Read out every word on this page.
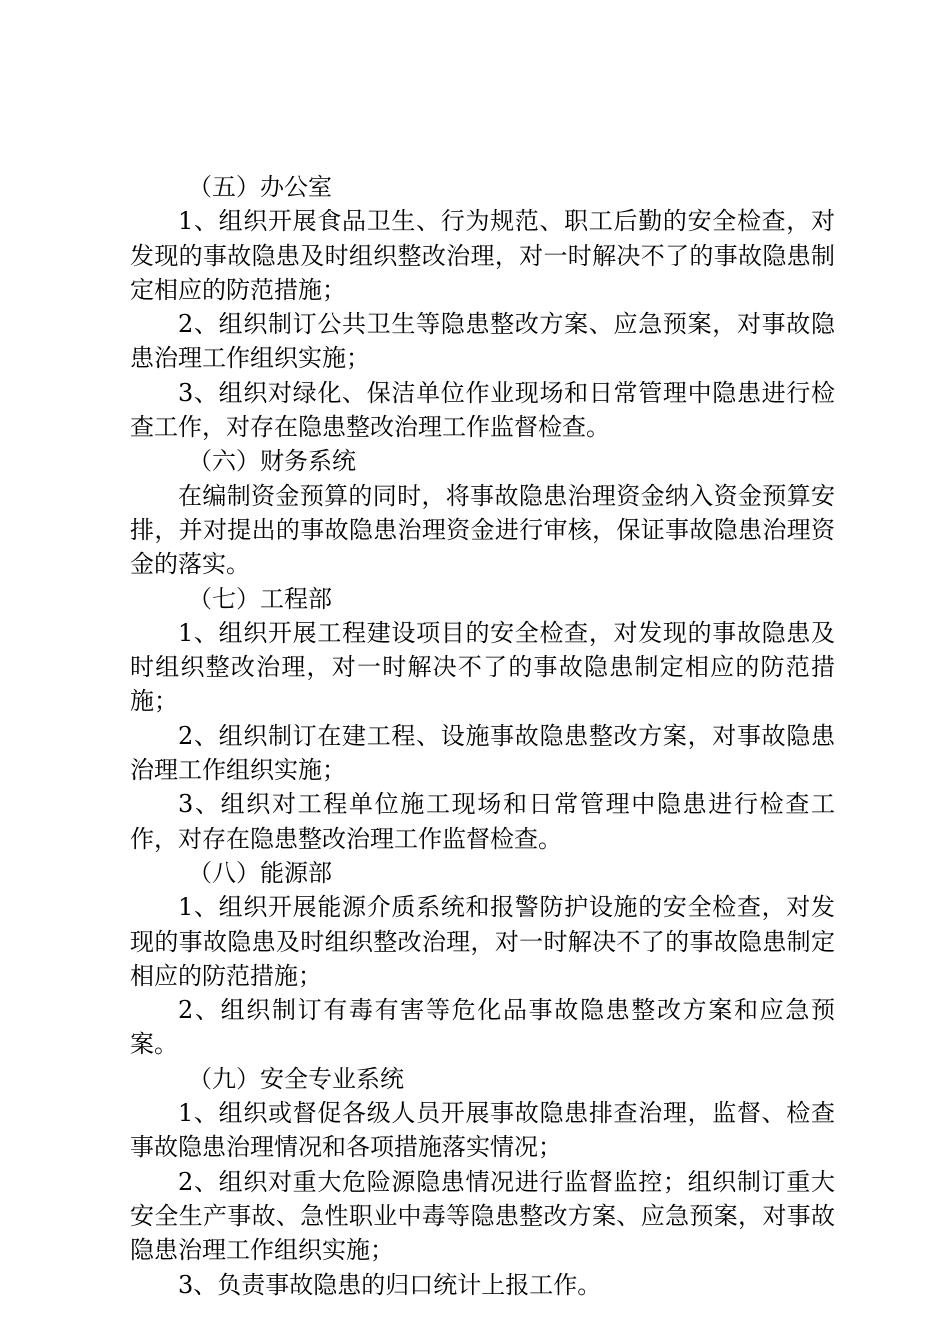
（五）办公室

1、组织开展食品卫生、行为规范、职工后勤的安全检查，对发现的事故隐患及时组织整改治理，对一时解决不了的事故隐患制定相应的防范措施；

2、组织制订公共卫生等隐患整改方案、应急预案，对事故隐患治理工作组织实施；

3、组织对绿化、保洁单位作业现场和日常管理中隐患进行检查工作，对存在隐患整改治理工作监督检查。

（六）财务系统

在编制资金预算的同时，将事故隐患治理资金纳入资金预算安排，并对提出的事故隐患治理资金进行审核，保证事故隐患治理资金的落实。

（七）工程部

1、组织开展工程建设项目的安全检查，对发现的事故隐患及时组织整改治理，对一时解决不了的事故隐患制定相应的防范措施；

2、组织制订在建工程、设施事故隐患整改方案，对事故隐患治理工作组织实施；

3、组织对工程单位施工现场和日常管理中隐患进行检查工作，对存在隐患整改治理工作监督检查。

（八）能源部

1、组织开展能源介质系统和报警防护设施的安全检查，对发现的事故隐患及时组织整改治理，对一时解决不了的事故隐患制定相应的防范措施；

2、组织制订有毒有害等危化品事故隐患整改方案和应急预案。

（九）安全专业系统

1、组织或督促各级人员开展事故隐患排查治理，监督、检查事故隐患治理情况和各项措施落实情况；

2、组织对重大危险源隐患情况进行监督监控；组织制订重大安全生产事故、急性职业中毒等隐患整改方案、应急预案，对事故隐患治理工作组织实施；

3、负责事故隐患的归口统计上报工作。
